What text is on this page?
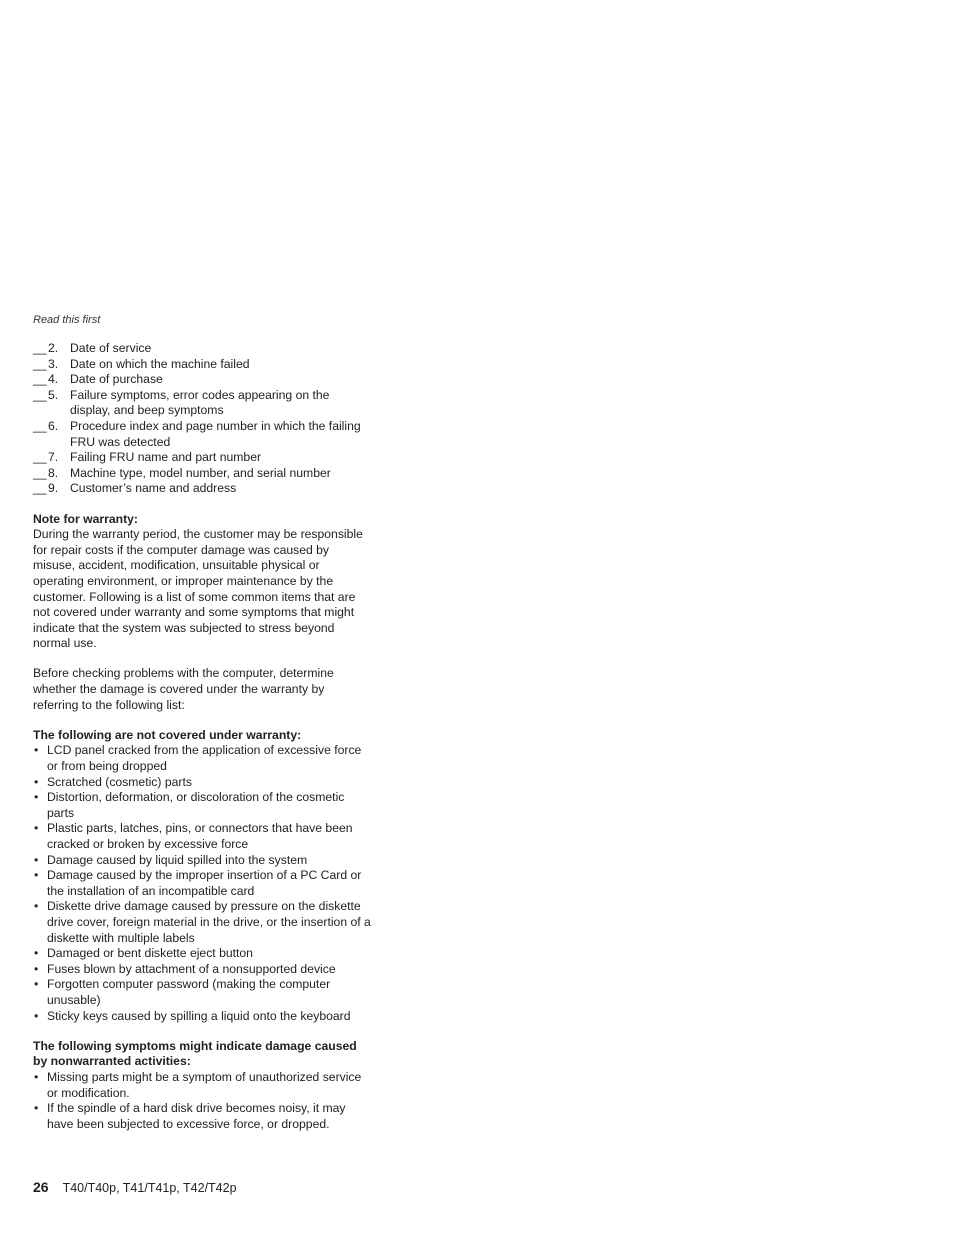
Read this first
__ 2. Date of service
__ 3. Date on which the machine failed
__ 4. Date of purchase
__ 5. Failure symptoms, error codes appearing on the display, and beep symptoms
__ 6. Procedure index and page number in which the failing FRU was detected
__ 7. Failing FRU name and part number
__ 8. Machine type, model number, and serial number
__ 9. Customer’s name and address

Note for warranty:

During the warranty period, the customer may be responsible for repair costs if the computer damage was caused by misuse, accident, modification, unsuitable physical or operating environment, or improper maintenance by the customer. Following is a list of some common items that are not covered under warranty and some symptoms that might indicate that the system was subjected to stress beyond normal use.

Before checking problems with the computer, determine whether the damage is covered under the warranty by referring to the following list:

The following are not covered under warranty:

• LCD panel cracked from the application of excessive force or from being dropped
• Scratched (cosmetic) parts
• Distortion, deformation, or discoloration of the cosmetic parts
• Plastic parts, latches, pins, or connectors that have been cracked or broken by excessive force
• Damage caused by liquid spilled into the system
• Damage caused by the improper insertion of a PC Card or the installation of an incompatible card
• Diskette drive damage caused by pressure on the diskette drive cover, foreign material in the drive, or the insertion of a diskette with multiple labels
• Damaged or bent diskette eject button
• Fuses blown by attachment of a nonsupported device
• Forgotten computer password (making the computer unusable)
• Sticky keys caused by spilling a liquid onto the keyboard

The following symptoms might indicate damage caused by nonwarranted activities:

• Missing parts might be a symptom of unauthorized service or modification.
• If the spindle of a hard disk drive becomes noisy, it may have been subjected to excessive force, or dropped.
26 T40/T40p, T41/T41p, T42/T42p
